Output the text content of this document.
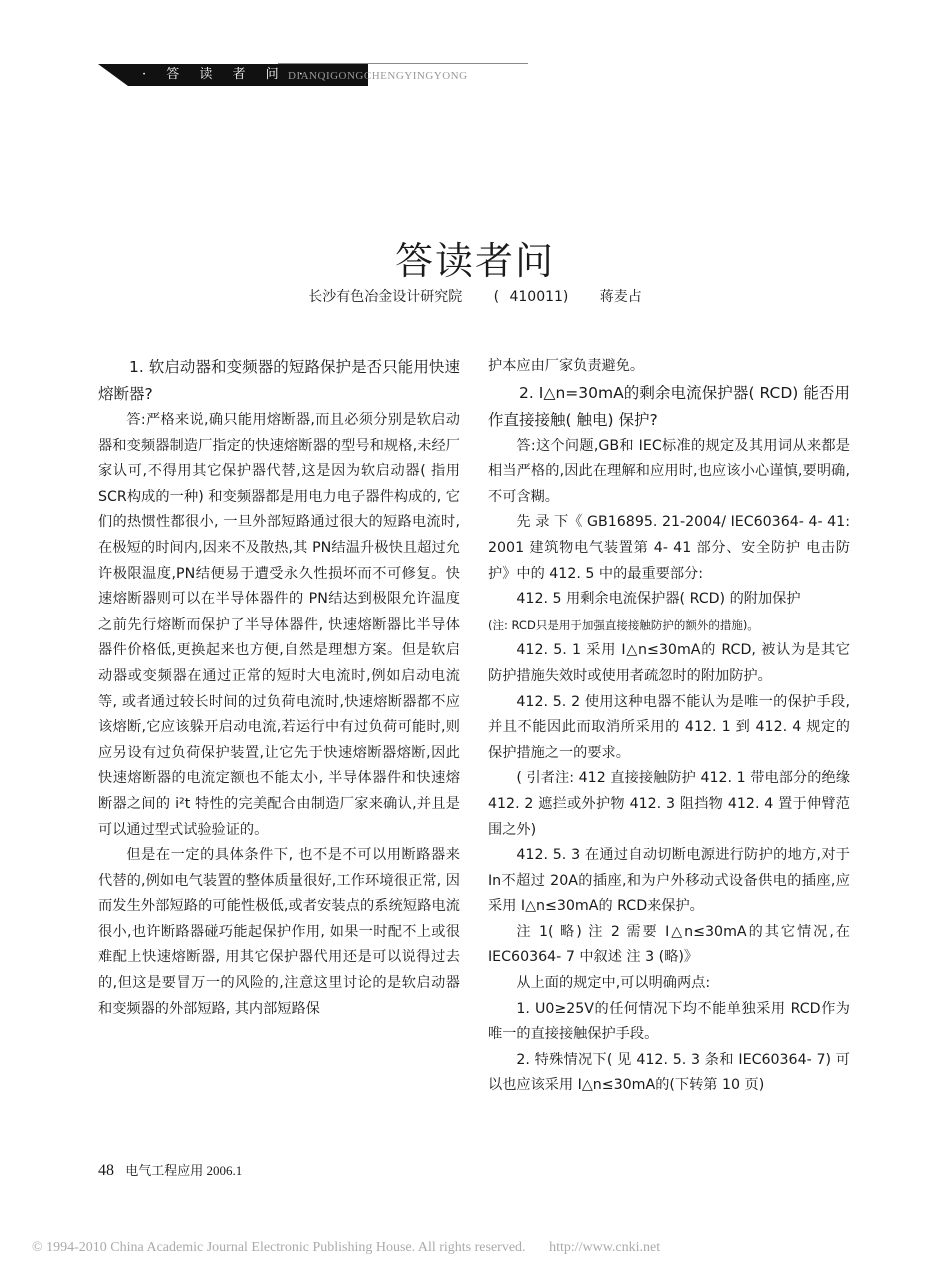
· 答 读 者 问 ·
DIANQIGONGCHENGYINGYONG
答读者问
长沙有色冶金设计研究院 ( 410011) 蒋麦占

1. 软启动器和变频器的短路保护是否只能用快速熔断器?

答:严格来说,确只能用熔断器,而且必须分别是软启动器和变频器制造厂指定的快速熔断器的型号和规格,未经厂家认可,不得用其它保护器代替,这是因为软启动器( 指用 SCR构成的一种) 和变频器都是用电力电子器件构成的, 它们的热惯性都很小, 一旦外部短路通过很大的短路电流时,在极短的时间内,因来不及散热,其 PN结温升极快且超过允许极限温度,PN结便易于遭受永久性损坏而不可修复。快速熔断器则可以在半导体器件的 PN结达到极限允许温度之前先行熔断而保护了半导体器件, 快速熔断器比半导体器件价格低,更换起来也方便,自然是理想方案。但是软启动器或变频器在通过正常的短时大电流时,例如启动电流等, 或者通过较长时间的过负荷电流时,快速熔断器都不应该熔断,它应该躲开启动电流,若运行中有过负荷可能时,则应另设有过负荷保护装置,让它先于快速熔断器熔断,因此快速熔断器的电流定额也不能太小, 半导体器件和快速熔断器之间的 i²t 特性的完美配合由制造厂家来确认,并且是可以通过型式试验验证的。

但是在一定的具体条件下, 也不是不可以用断路器来代替的,例如电气装置的整体质量很好,工作环境很正常, 因而发生外部短路的可能性极低,或者安装点的系统短路电流很小,也许断路器碰巧能起保护作用, 如果一时配不上或很难配上快速熔断器, 用其它保护器代用还是可以说得过去的,但这是要冒万一的风险的,注意这里讨论的是软启动器和变频器的外部短路, 其内部短路保

护本应由厂家负责避免。

2. I△n=30mA的剩余电流保护器( RCD) 能否用作直接接触( 触电) 保护?

答:这个问题,GB和 IEC标准的规定及其用词从来都是相当严格的,因此在理解和应用时,也应该小心谨慎,要明确,不可含糊。

先 录 下《 GB16895. 21-2004/ IEC60364- 4- 41: 2001 建筑物电气装置第 4- 41 部分、安全防护 电击防护》中的 412. 5 中的最重要部分:

412. 5 用剩余电流保护器( RCD) 的附加保护

(注: RCD只是用于加强直接接触防护的额外的措施)。

412. 5. 1 采用 I△n≤30mA的 RCD, 被认为是其它防护措施失效时或使用者疏忽时的附加防护。

412. 5. 2 使用这种电器不能认为是唯一的保护手段, 并且不能因此而取消所采用的 412. 1 到 412. 4 规定的保护措施之一的要求。

( 引者注: 412 直接接触防护 412. 1 带电部分的绝缘 412. 2 遮拦或外护物 412. 3 阻挡物 412. 4 置于伸臂范围之外)

412. 5. 3 在通过自动切断电源进行防护的地方,对于 In不超过 20A的插座,和为户外移动式设备供电的插座,应采用 I△n≤30mA的 RCD来保护。

注 1( 略) 注 2 需要 I△n≤30mA的其它情况,在 IEC60364- 7 中叙述 注 3 (略)》

从上面的规定中,可以明确两点:

1. U0≥25V的任何情况下均不能单独采用 RCD作为唯一的直接接触保护手段。

2. 特殊情况下( 见 412. 5. 3 条和 IEC60364- 7) 可以也应该采用 I△n≤30mA的(下转第 10 页)

48 电气工程应用 2006.1
© 1994-2010 China Academic Journal Electronic Publishing House. All rights reserved. http://www.cnki.net
